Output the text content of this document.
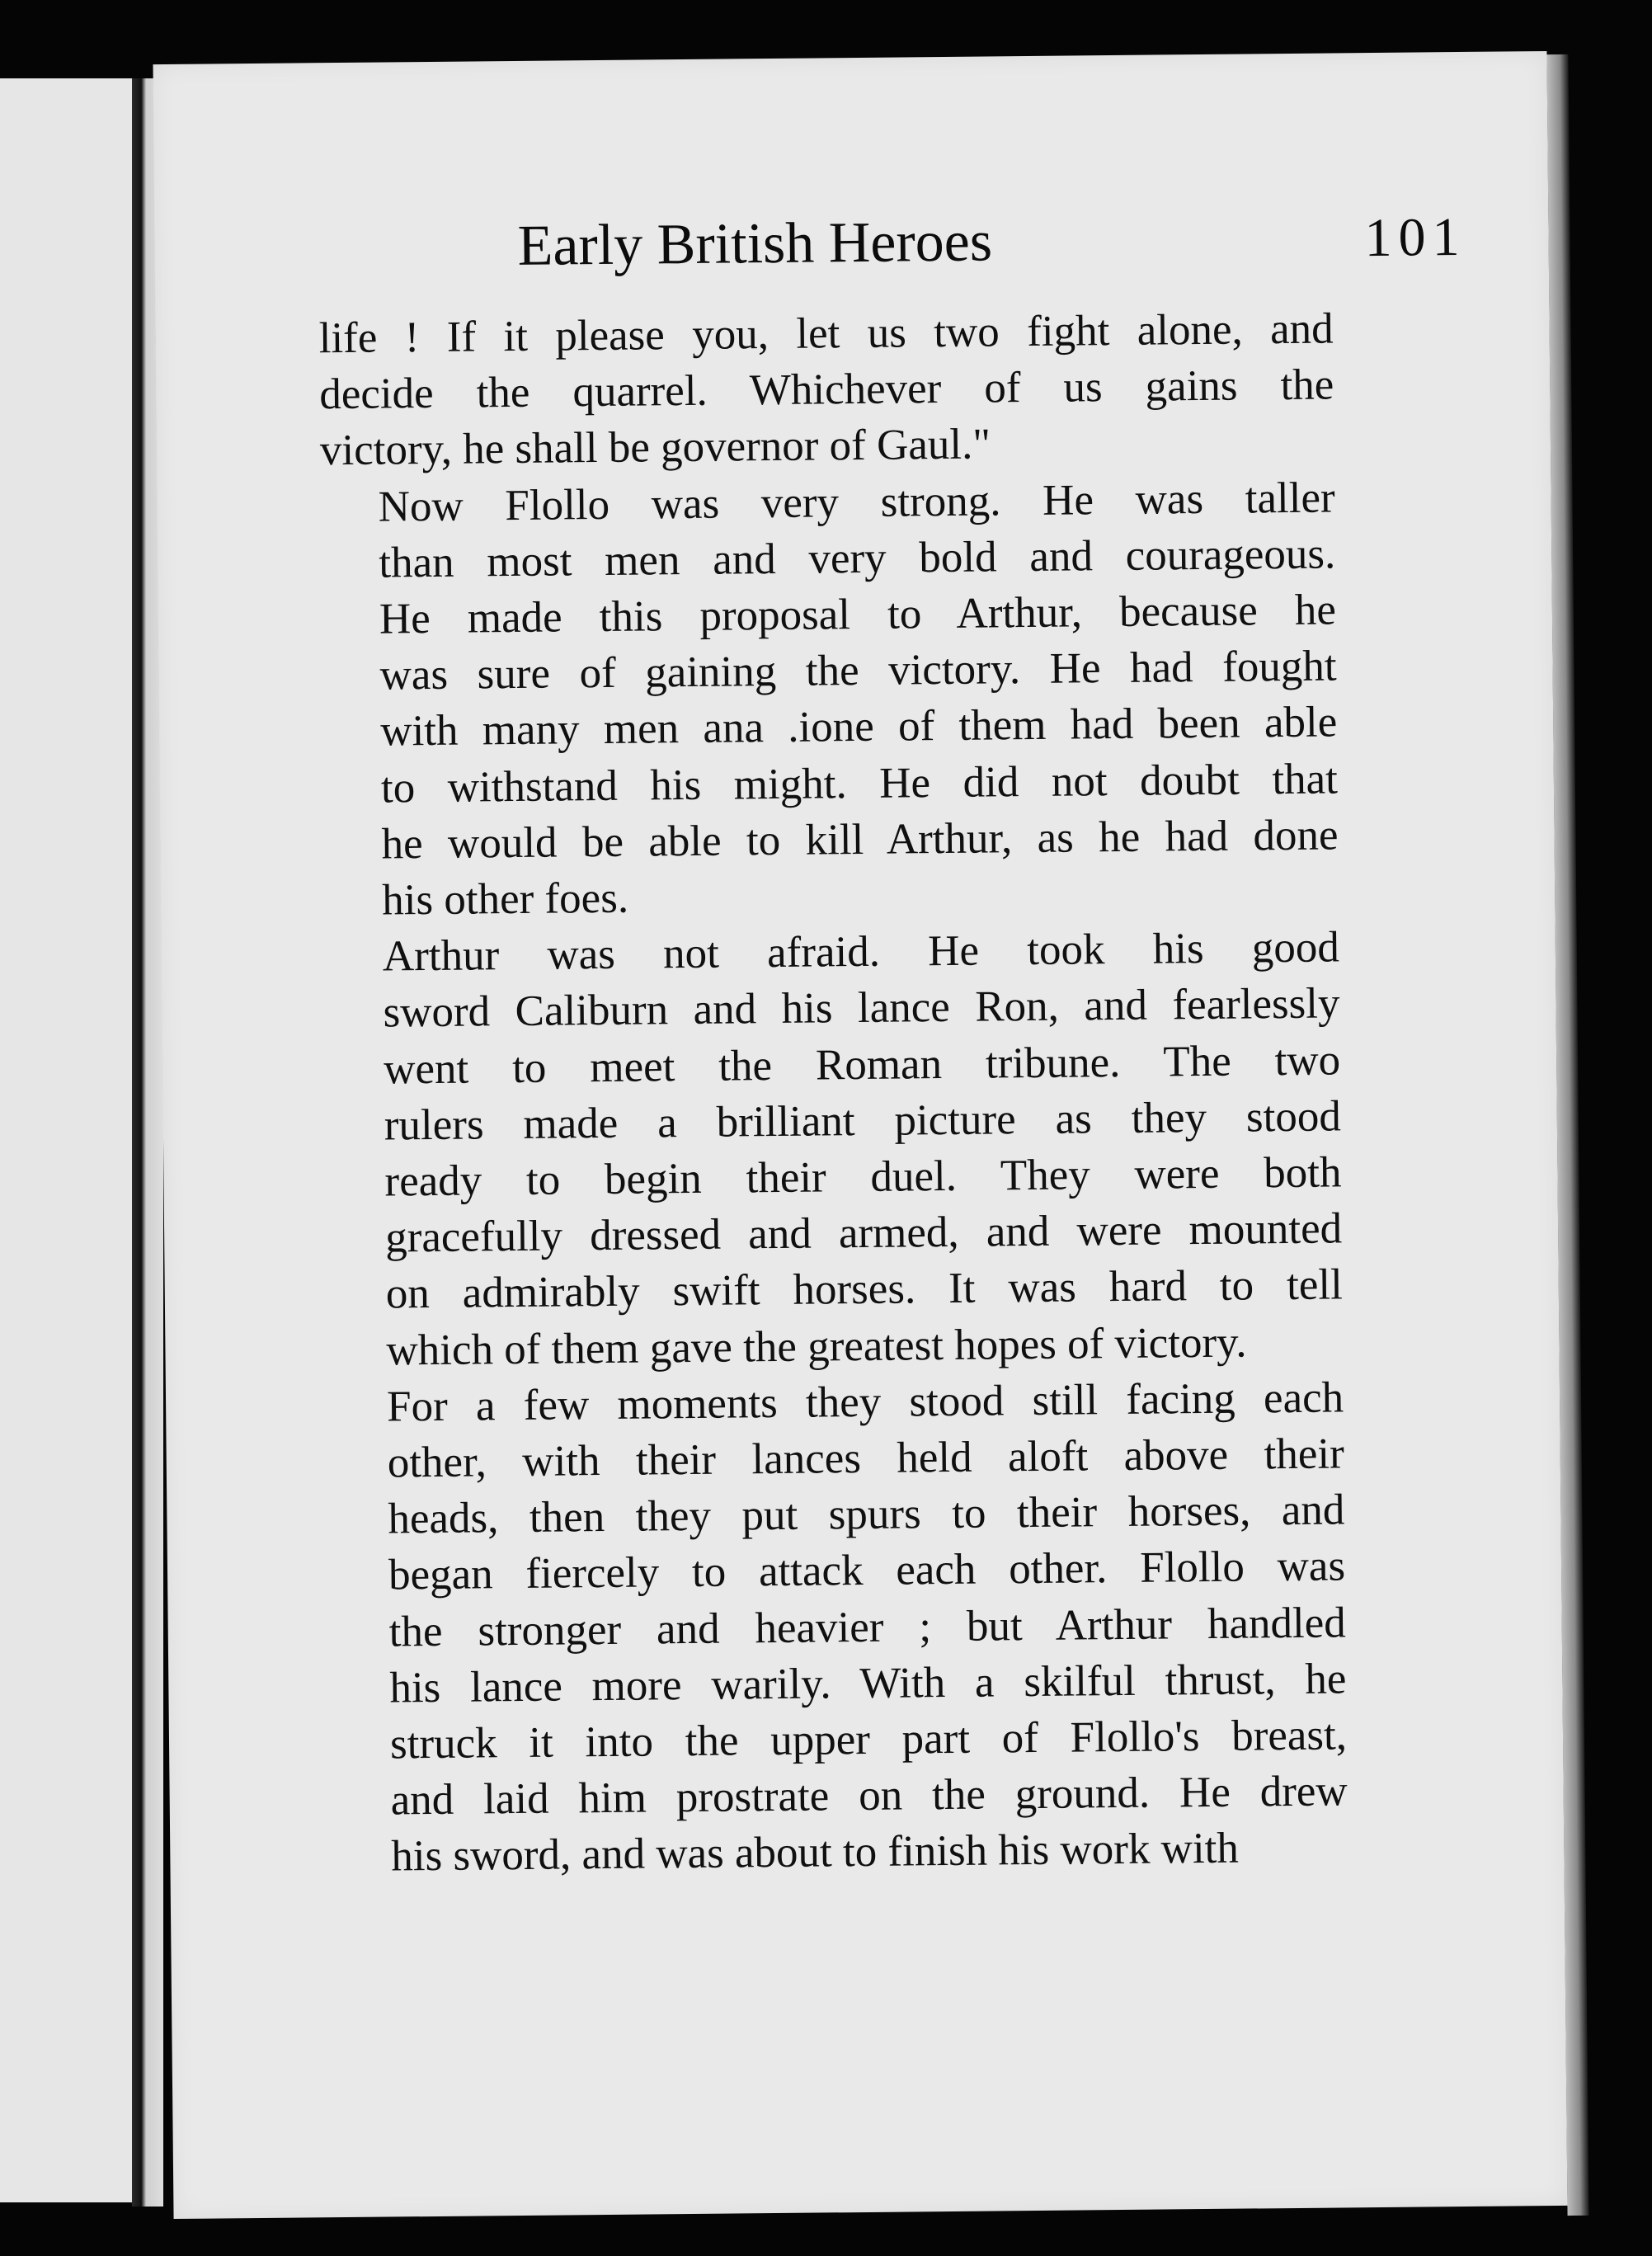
Early British Heroes	101

life ! If it please you, let us two fight alone, and
decide the quarrel. Whichever of us gains the
victory, he shall be governor of Gaul."

Now Flollo was very strong. He was taller
than most men and very bold and courageous.
He made this proposal to Arthur, because he
was sure of gaining the victory. He had fought
with many men ana .ione of them had been able
to withstand his might. He did not doubt that
he would be able to kill Arthur, as he had done
his other foes.

Arthur was not afraid. He took his good
sword Caliburn and his lance Ron, and fearlessly
went to meet the Roman tribune. The two
rulers made a brilliant picture as they stood
ready to begin their duel. They were both
gracefully dressed and armed, and were mounted
on admirably swift horses. It was hard to tell
which of them gave the greatest hopes of victory.

For a few moments they stood still facing each
other, with their lances held aloft above their
heads, then they put spurs to their horses, and
began fiercely to attack each other. Flollo was
the stronger and heavier ; but Arthur handled
his lance more warily. With a skilful thrust, he
struck it into the upper part of Flollo's breast,
and laid him prostrate on the ground. He drew
his sword, and was about to finish his work with
